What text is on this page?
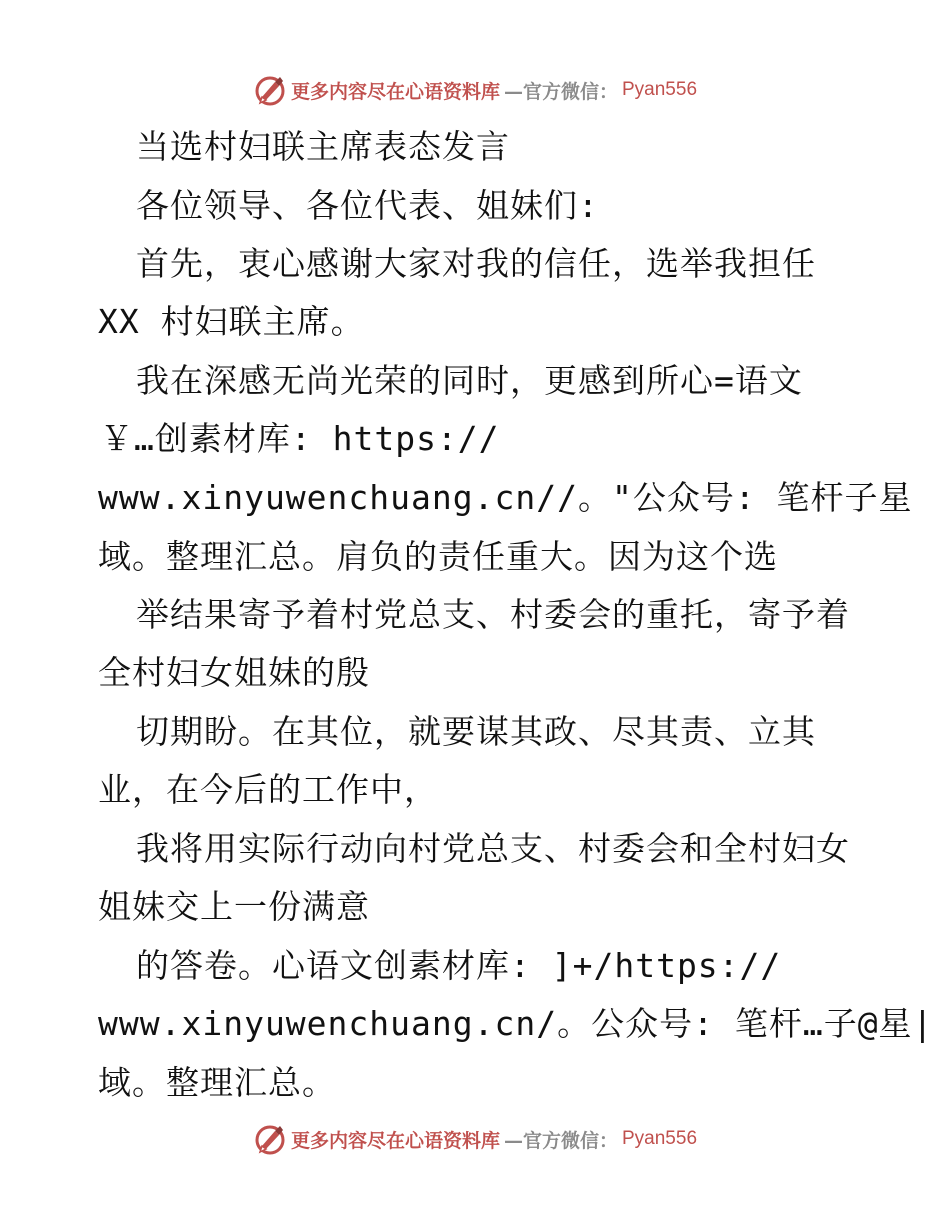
更多内容尽在心语资料库 —官方微信： Pyan556
当选村妇联主席表态发言
各位领导、各位代表、姐妹们:
首先，衷心感谢大家对我的信任，选举我担任
XX 村妇联主席。
我在深感无尚光荣的同时，更感到所心=语文
￥…创素材库: https://
www.xinyuwenchuang.cn//。"公众号: 笔杆子星
域。整理汇总。肩负的责任重大。因为这个选
举结果寄予着村党总支、村委会的重托，寄予着
全村妇女姐妹的殷
切期盼。在其位，就要谋其政、尽其责、立其
业，在今后的工作中，
我将用实际行动向村党总支、村委会和全村妇女
姐妹交上一份满意
的答卷。心语文创素材库: ]+/https://
www.xinyuwenchuang.cn/。公众号: 笔杆…子@星|
域。整理汇总。
更多内容尽在心语资料库 —官方微信： Pyan556
